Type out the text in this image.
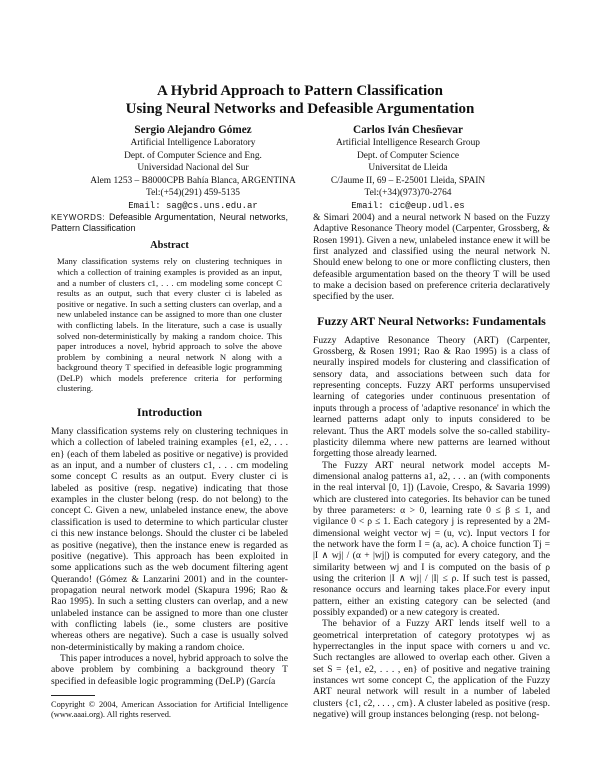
A Hybrid Approach to Pattern Classification
Using Neural Networks and Defeasible Argumentation
Sergio Alejandro Gómez
Artificial Intelligence Laboratory
Dept. of Computer Science and Eng.
Universidad Nacional del Sur
Alem 1253 – B8000CPB Bahía Blanca, ARGENTINA
Tel:(+54)(291) 459-5135
Email: sag@cs.uns.edu.ar
Carlos Iván Chesñevar
Artificial Intelligence Research Group
Dept. of Computer Science
Universitat de Lleida
C/Jaume II, 69 – E-25001 Lleida, SPAIN
Tel:(+34)(973)70-2764
Email: cic@eup.udl.es

KEYWORDS: Defeasible Argumentation, Neural networks, Pattern Classification

Abstract

Many classification systems rely on clustering techniques in which a collection of training examples is provided as an input, and a number of clusters c1, . . . cm modeling some concept C results as an output, such that every cluster ci is labeled as positive or negative. In such a setting clusters can overlap, and a new unlabeled instance can be assigned to more than one cluster with conflicting labels. In the literature, such a case is usually solved non-deterministically by making a random choice. This paper introduces a novel, hybrid approach to solve the above problem by combining a neural network N along with a background theory T specified in defeasible logic programming (DeLP) which models preference criteria for performing clustering.

Introduction

Many classification systems rely on clustering techniques in which a collection of labeled training examples {e1, e2, . . . en} (each of them labeled as positive or negative) is provided as an input, and a number of clusters c1, . . . cm modeling some concept C results as an output. Every cluster ci is labeled as positive (resp. negative) indicating that those examples in the cluster belong (resp. do not belong) to the concept C. Given a new, unlabeled instance enew, the above classification is used to determine to which particular cluster ci this new instance belongs. Should the cluster ci be labeled as positive (negative), then the instance enew is regarded as positive (negative). This approach has been exploited in some applications such as the web document filtering agent Querando! (Gómez & Lanzarini 2001) and in the counter-propagation neural network model (Skapura 1996; Rao & Rao 1995). In such a setting clusters can overlap, and a new unlabeled instance can be assigned to more than one cluster with conflicting labels (ie., some clusters are positive whereas others are negative). Such a case is usually solved non-deterministically by making a random choice.

This paper introduces a novel, hybrid approach to solve the above problem by combining a background theory T specified in defeasible logic programming (DeLP) (García

Copyright © 2004, American Association for Artificial Intelligence (www.aaai.org). All rights reserved.

& Simari 2004) and a neural network N based on the Fuzzy Adaptive Resonance Theory model (Carpenter, Grossberg, & Rosen 1991). Given a new, unlabeled instance enew it will be first analyzed and classified using the neural network N. Should enew belong to one or more conflicting clusters, then defeasible argumentation based on the theory T will be used to make a decision based on preference criteria declaratively specified by the user.

Fuzzy ART Neural Networks: Fundamentals

Fuzzy Adaptive Resonance Theory (ART) (Carpenter, Grossberg, & Rosen 1991; Rao & Rao 1995) is a class of neurally inspired models for clustering and classification of sensory data, and associations between such data for representing concepts. Fuzzy ART performs unsupervised learning of categories under continuous presentation of inputs through a process of 'adaptive resonance' in which the learned patterns adapt only to inputs considered to be relevant. Thus the ART models solve the so-called stability-plasticity dilemma where new patterns are learned without forgetting those already learned.

The Fuzzy ART neural network model accepts M-dimensional analog patterns a1, a2, . . . an (with components in the real interval [0, 1]) (Lavoie, Crespo, & Savaria 1999) which are clustered into categories. Its behavior can be tuned by three parameters: α > 0, learning rate 0 ≤ β ≤ 1, and vigilance 0 < ρ ≤ 1. Each category j is represented by a 2M-dimensional weight vector wj = (u, vc). Input vectors I for the network have the form I = (a, ac). A choice function Tj = |I ∧ wj| / (α + |wj|) is computed for every category, and the similarity between wj and I is computed on the basis of ρ using the criterion |I ∧ wj| / |I| ≤ ρ. If such test is passed, resonance occurs and learning takes place.For every input pattern, either an existing category can be selected (and possibly expanded) or a new category is created.

The behavior of a Fuzzy ART lends itself well to a geometrical interpretation of category prototypes wj as hyperrectangles in the input space with corners u and vc. Such rectangles are allowed to overlap each other. Given a set S = {e1, e2, . . . , en} of positive and negative training instances wrt some concept C, the application of the Fuzzy ART neural network will result in a number of labeled clusters {c1, c2, . . . , cm}. A cluster labeled as positive (resp. negative) will group instances belonging (resp. not belong-
